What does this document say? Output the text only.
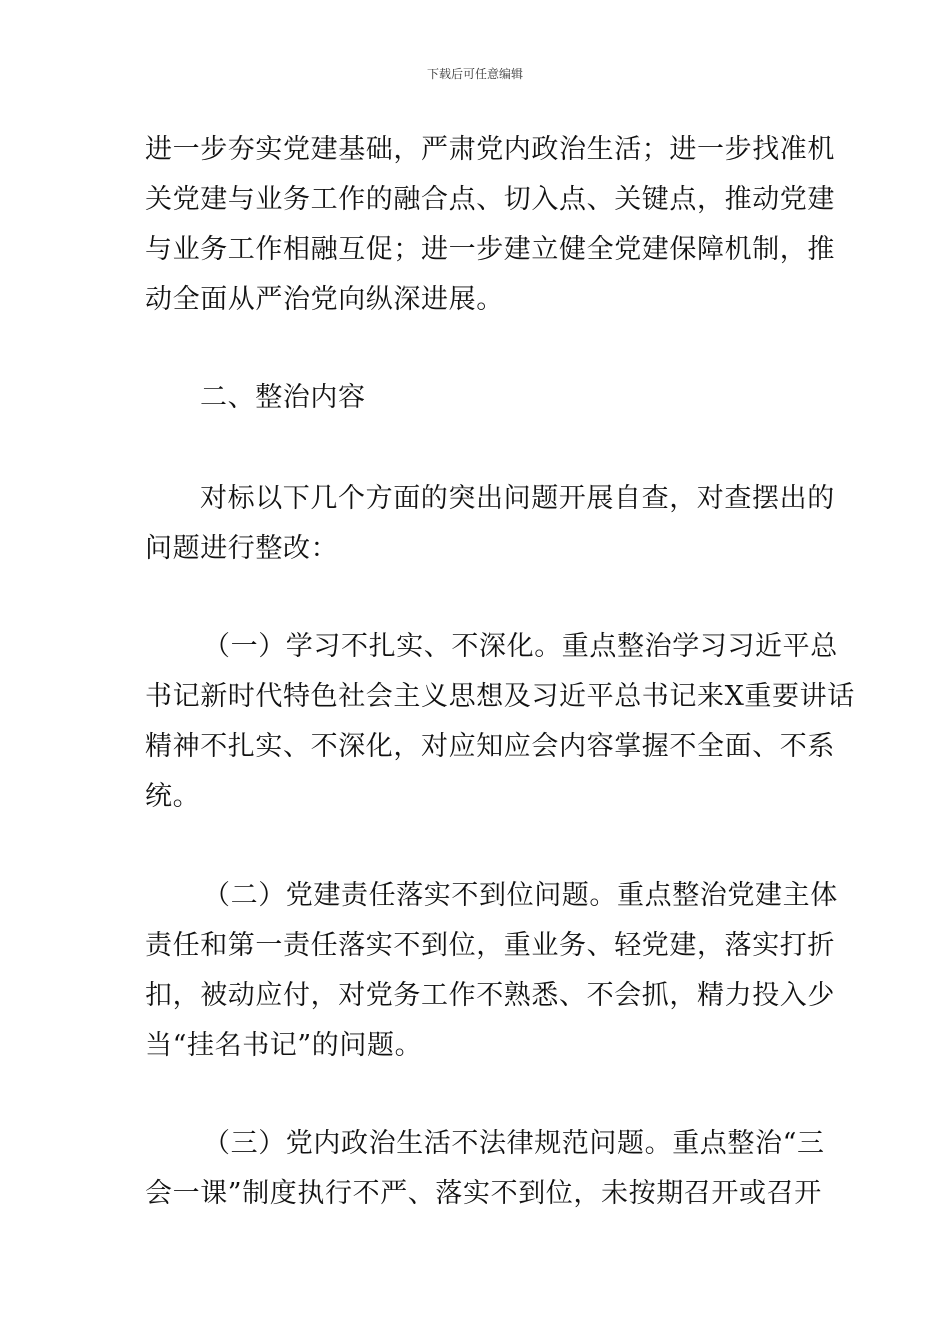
下载后可任意编辑
进一步夯实党建基础，严肃党内政治生活；进一步找准机
关党建与业务工作的融合点、切入点、关键点，推动党建
与业务工作相融互促；进一步建立健全党建保障机制，推
动全面从严治党向纵深进展。
二、整治内容
对标以下几个方面的突出问题开展自查，对查摆出的
问题进行整改：
（一）学习不扎实、不深化。重点整治学习习近平总
书记新时代特色社会主义思想及习近平总书记来X重要讲话
精神不扎实、不深化，对应知应会内容掌握不全面、不系
统。
（二）党建责任落实不到位问题。重点整治党建主体
责任和第一责任落实不到位，重业务、轻党建，落实打折
扣，被动应付，对党务工作不熟悉、不会抓，精力投入少
当“挂名书记”的问题。
（三）党内政治生活不法律规范问题。重点整治“三
会一课”制度执行不严、落实不到位，未按期召开或召开
